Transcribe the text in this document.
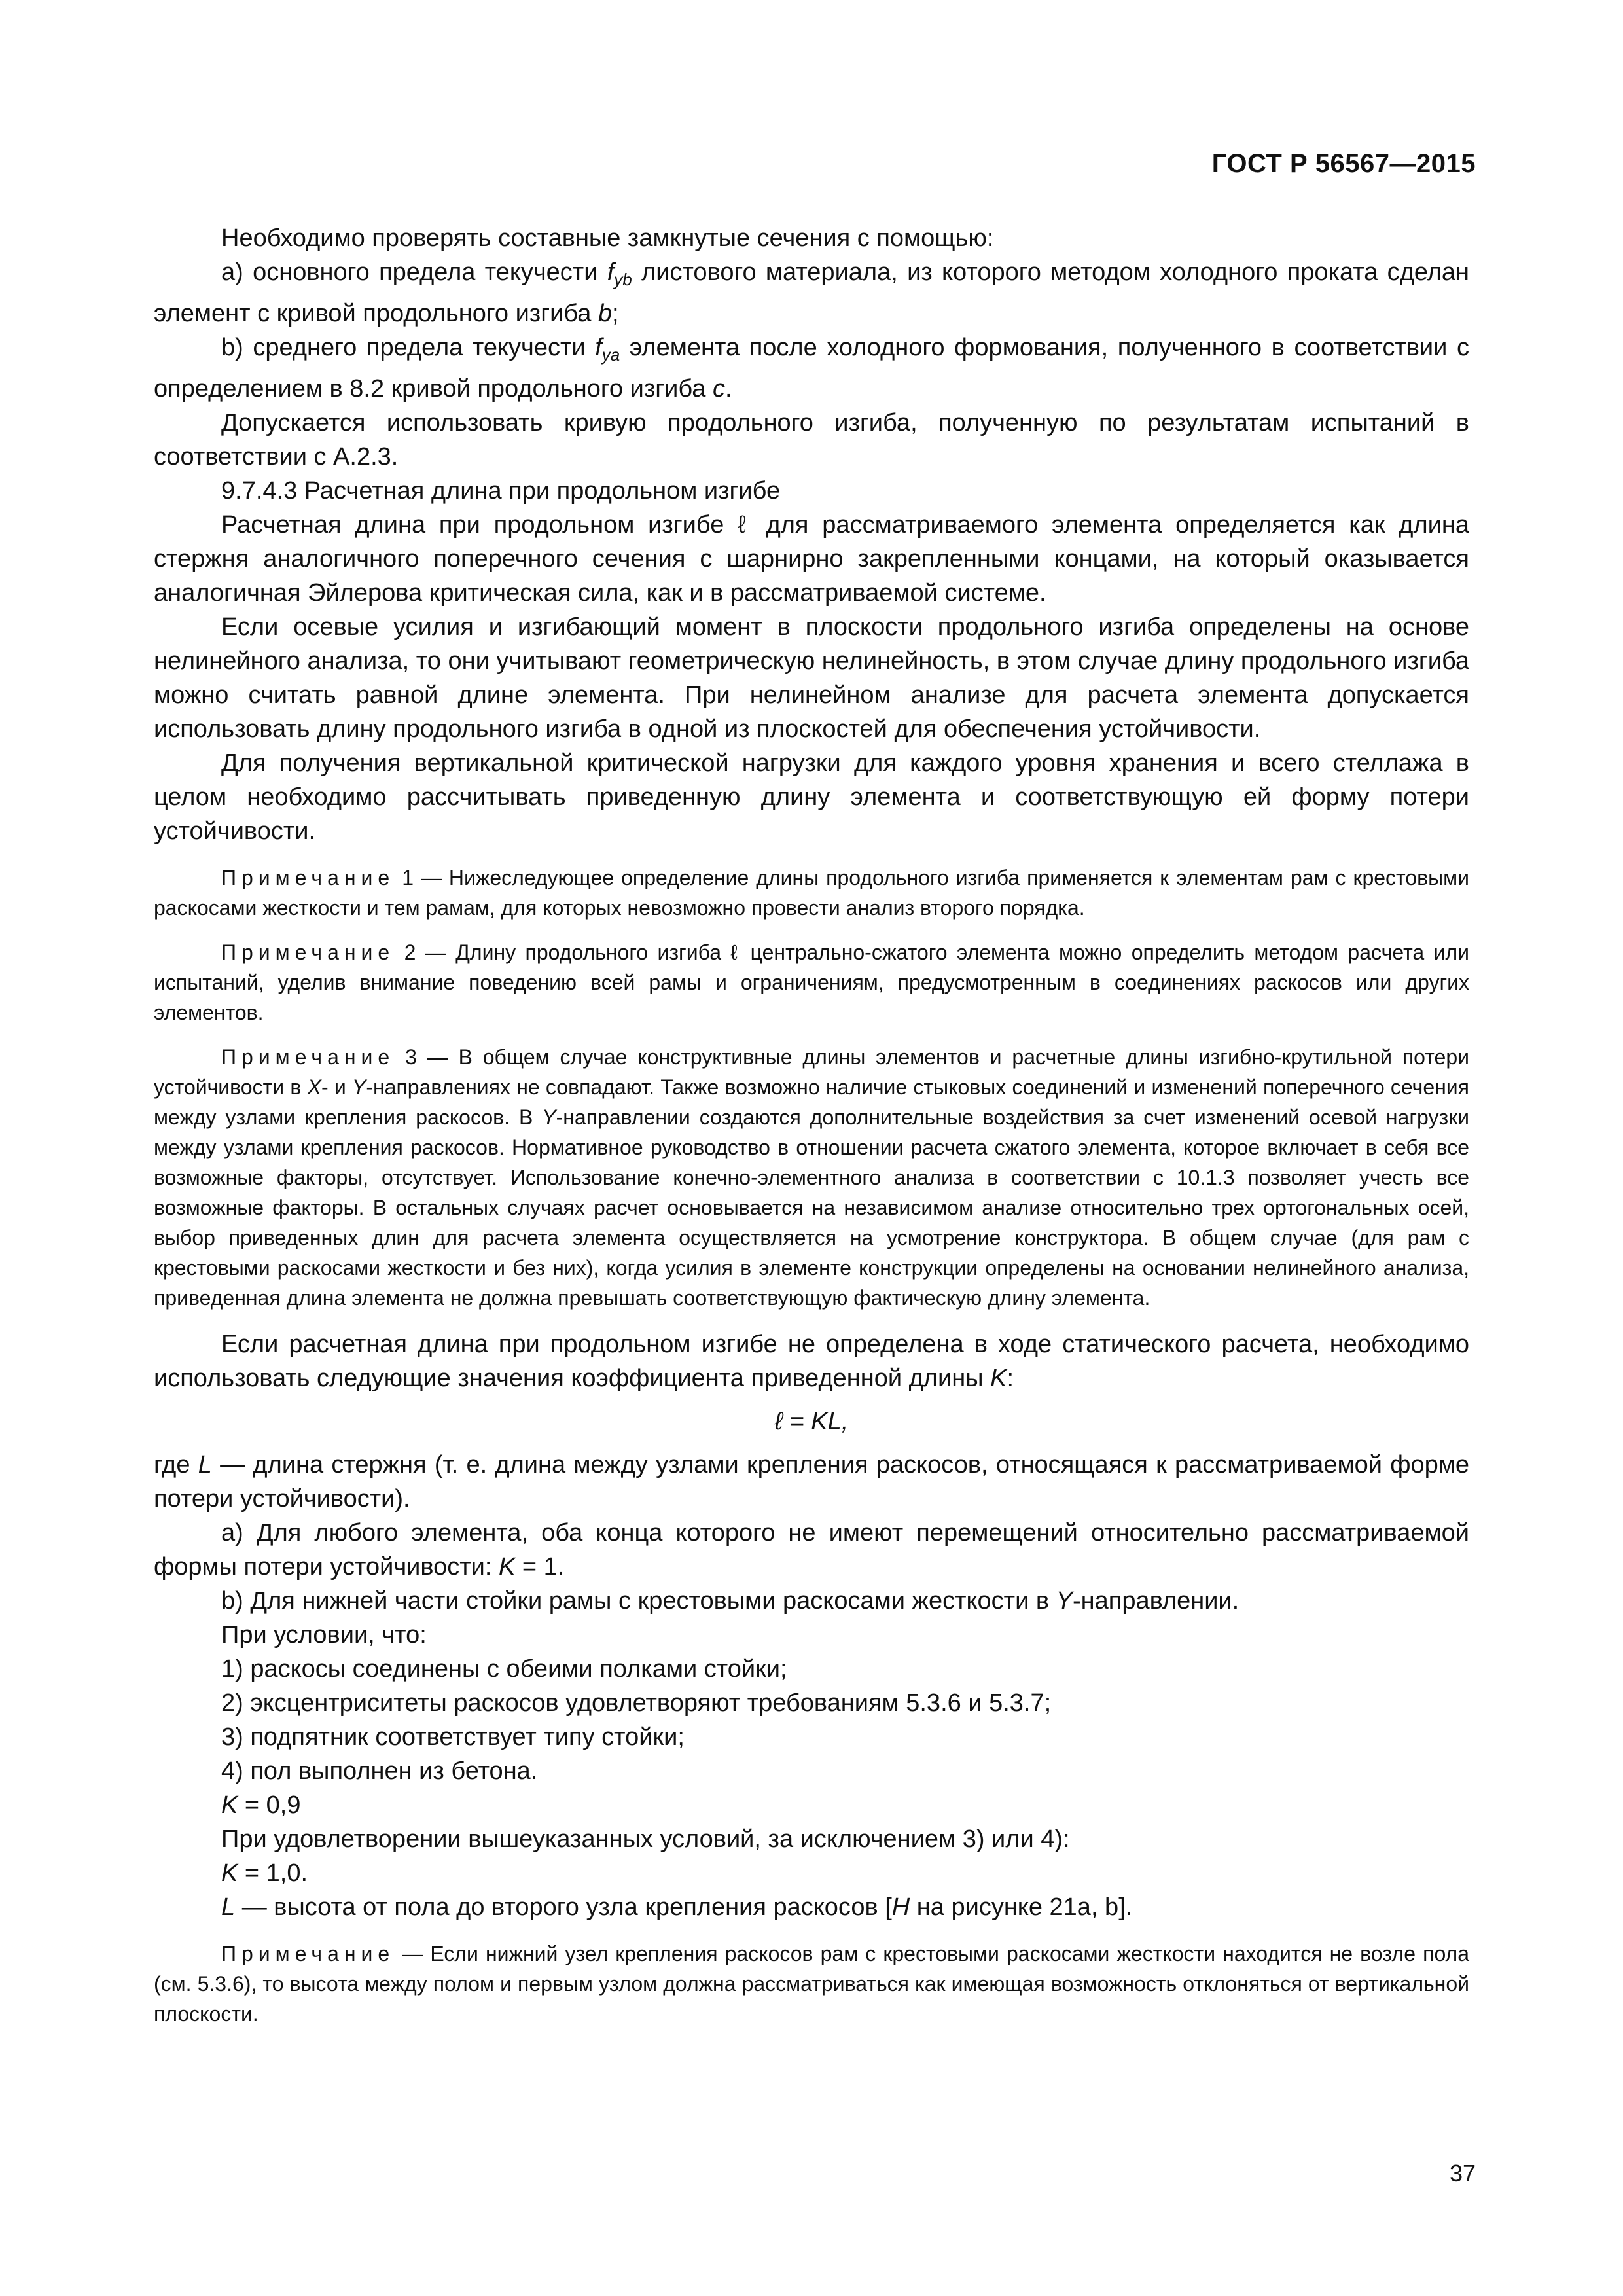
ГОСТ Р 56567—2015

Необходимо проверять составные замкнутые сечения с помощью:

a) основного предела текучести $f_{yb}$ листового материала, из которого методом холодного проката сделан элемент с кривой продольного изгиба b;

b) среднего предела текучести $f_{ya}$ элемента после холодного формования, полученного в соответствии с определением в 8.2 кривой продольного изгиба c.

Допускается использовать кривую продольного изгиба, полученную по результатам испытаний в соответствии с А.2.3.

9.7.4.3 Расчетная длина при продольном изгибе

Расчетная длина при продольном изгибе ℓ для рассматриваемого элемента определяется как длина стержня аналогичного поперечного сечения с шарнирно закрепленными концами, на который оказывается аналогичная Эйлерова критическая сила, как и в рассматриваемой системе.

Если осевые усилия и изгибающий момент в плоскости продольного изгиба определены на основе нелинейного анализа, то они учитывают геометрическую нелинейность, в этом случае длину продольного изгиба можно считать равной длине элемента. При нелинейном анализе для расчета элемента допускается использовать длину продольного изгиба в одной из плоскостей для обеспечения устойчивости.

Для получения вертикальной критической нагрузки для каждого уровня хранения и всего стеллажа в целом необходимо рассчитывать приведенную длину элемента и соответствующую ей форму потери устойчивости.

Примечание 1 — Нижеследующее определение длины продольного изгиба применяется к элементам рам с крестовыми раскосами жесткости и тем рамам, для которых невозможно провести анализ второго порядка.

Примечание 2 — Длину продольного изгиба ℓ центрально-сжатого элемента можно определить методом расчета или испытаний, уделив внимание поведению всей рамы и ограничениям, предусмотренным в соединениях раскосов или других элементов.

Примечание 3 — В общем случае конструктивные длины элементов и расчетные длины изгибно-крутильной потери устойчивости в X- и Y-направлениях не совпадают. Также возможно наличие стыковых соединений и изменений поперечного сечения между узлами крепления раскосов. В Y-направлении создаются дополнительные воздействия за счет изменений осевой нагрузки между узлами крепления раскосов. Нормативное руководство в отношении расчета сжатого элемента, которое включает в себя все возможные факторы, отсутствует. Использование конечно-элементного анализа в соответствии с 10.1.3 позволяет учесть все возможные факторы. В остальных случаях расчет основывается на независимом анализе относительно трех ортогональных осей, выбор приведенных длин для расчета элемента осуществляется на усмотрение конструктора. В общем случае (для рам с крестовыми раскосами жесткости и без них), когда усилия в элементе конструкции определены на основании нелинейного анализа, приведенная длина элемента не должна превышать соответствующую фактическую длину элемента.

Если расчетная длина при продольном изгибе не определена в ходе статического расчета, необходимо использовать следующие значения коэффициента приведенной длины K:

ℓ = KL,

где L — длина стержня (т. е. длина между узлами крепления раскосов, относящаяся к рассматриваемой форме потери устойчивости).

a) Для любого элемента, оба конца которого не имеют перемещений относительно рассматриваемой формы потери устойчивости: K = 1.

b) Для нижней части стойки рамы с крестовыми раскосами жесткости в Y-направлении.

При условии, что:

1) раскосы соединены с обеими полками стойки;

2) эксцентриситеты раскосов удовлетворяют требованиям 5.3.6 и 5.3.7;

3) подпятник соответствует типу стойки;

4) пол выполнен из бетона.

K = 0,9

При удовлетворении вышеуказанных условий, за исключением 3) или 4):

K = 1,0.

L — высота от пола до второго узла крепления раскосов [H на рисунке 21a, b].

Примечание — Если нижний узел крепления раскосов рам с крестовыми раскосами жесткости находится не возле пола (см. 5.3.6), то высота между полом и первым узлом должна рассматриваться как имеющая возможность отклоняться от вертикальной плоскости.

37
